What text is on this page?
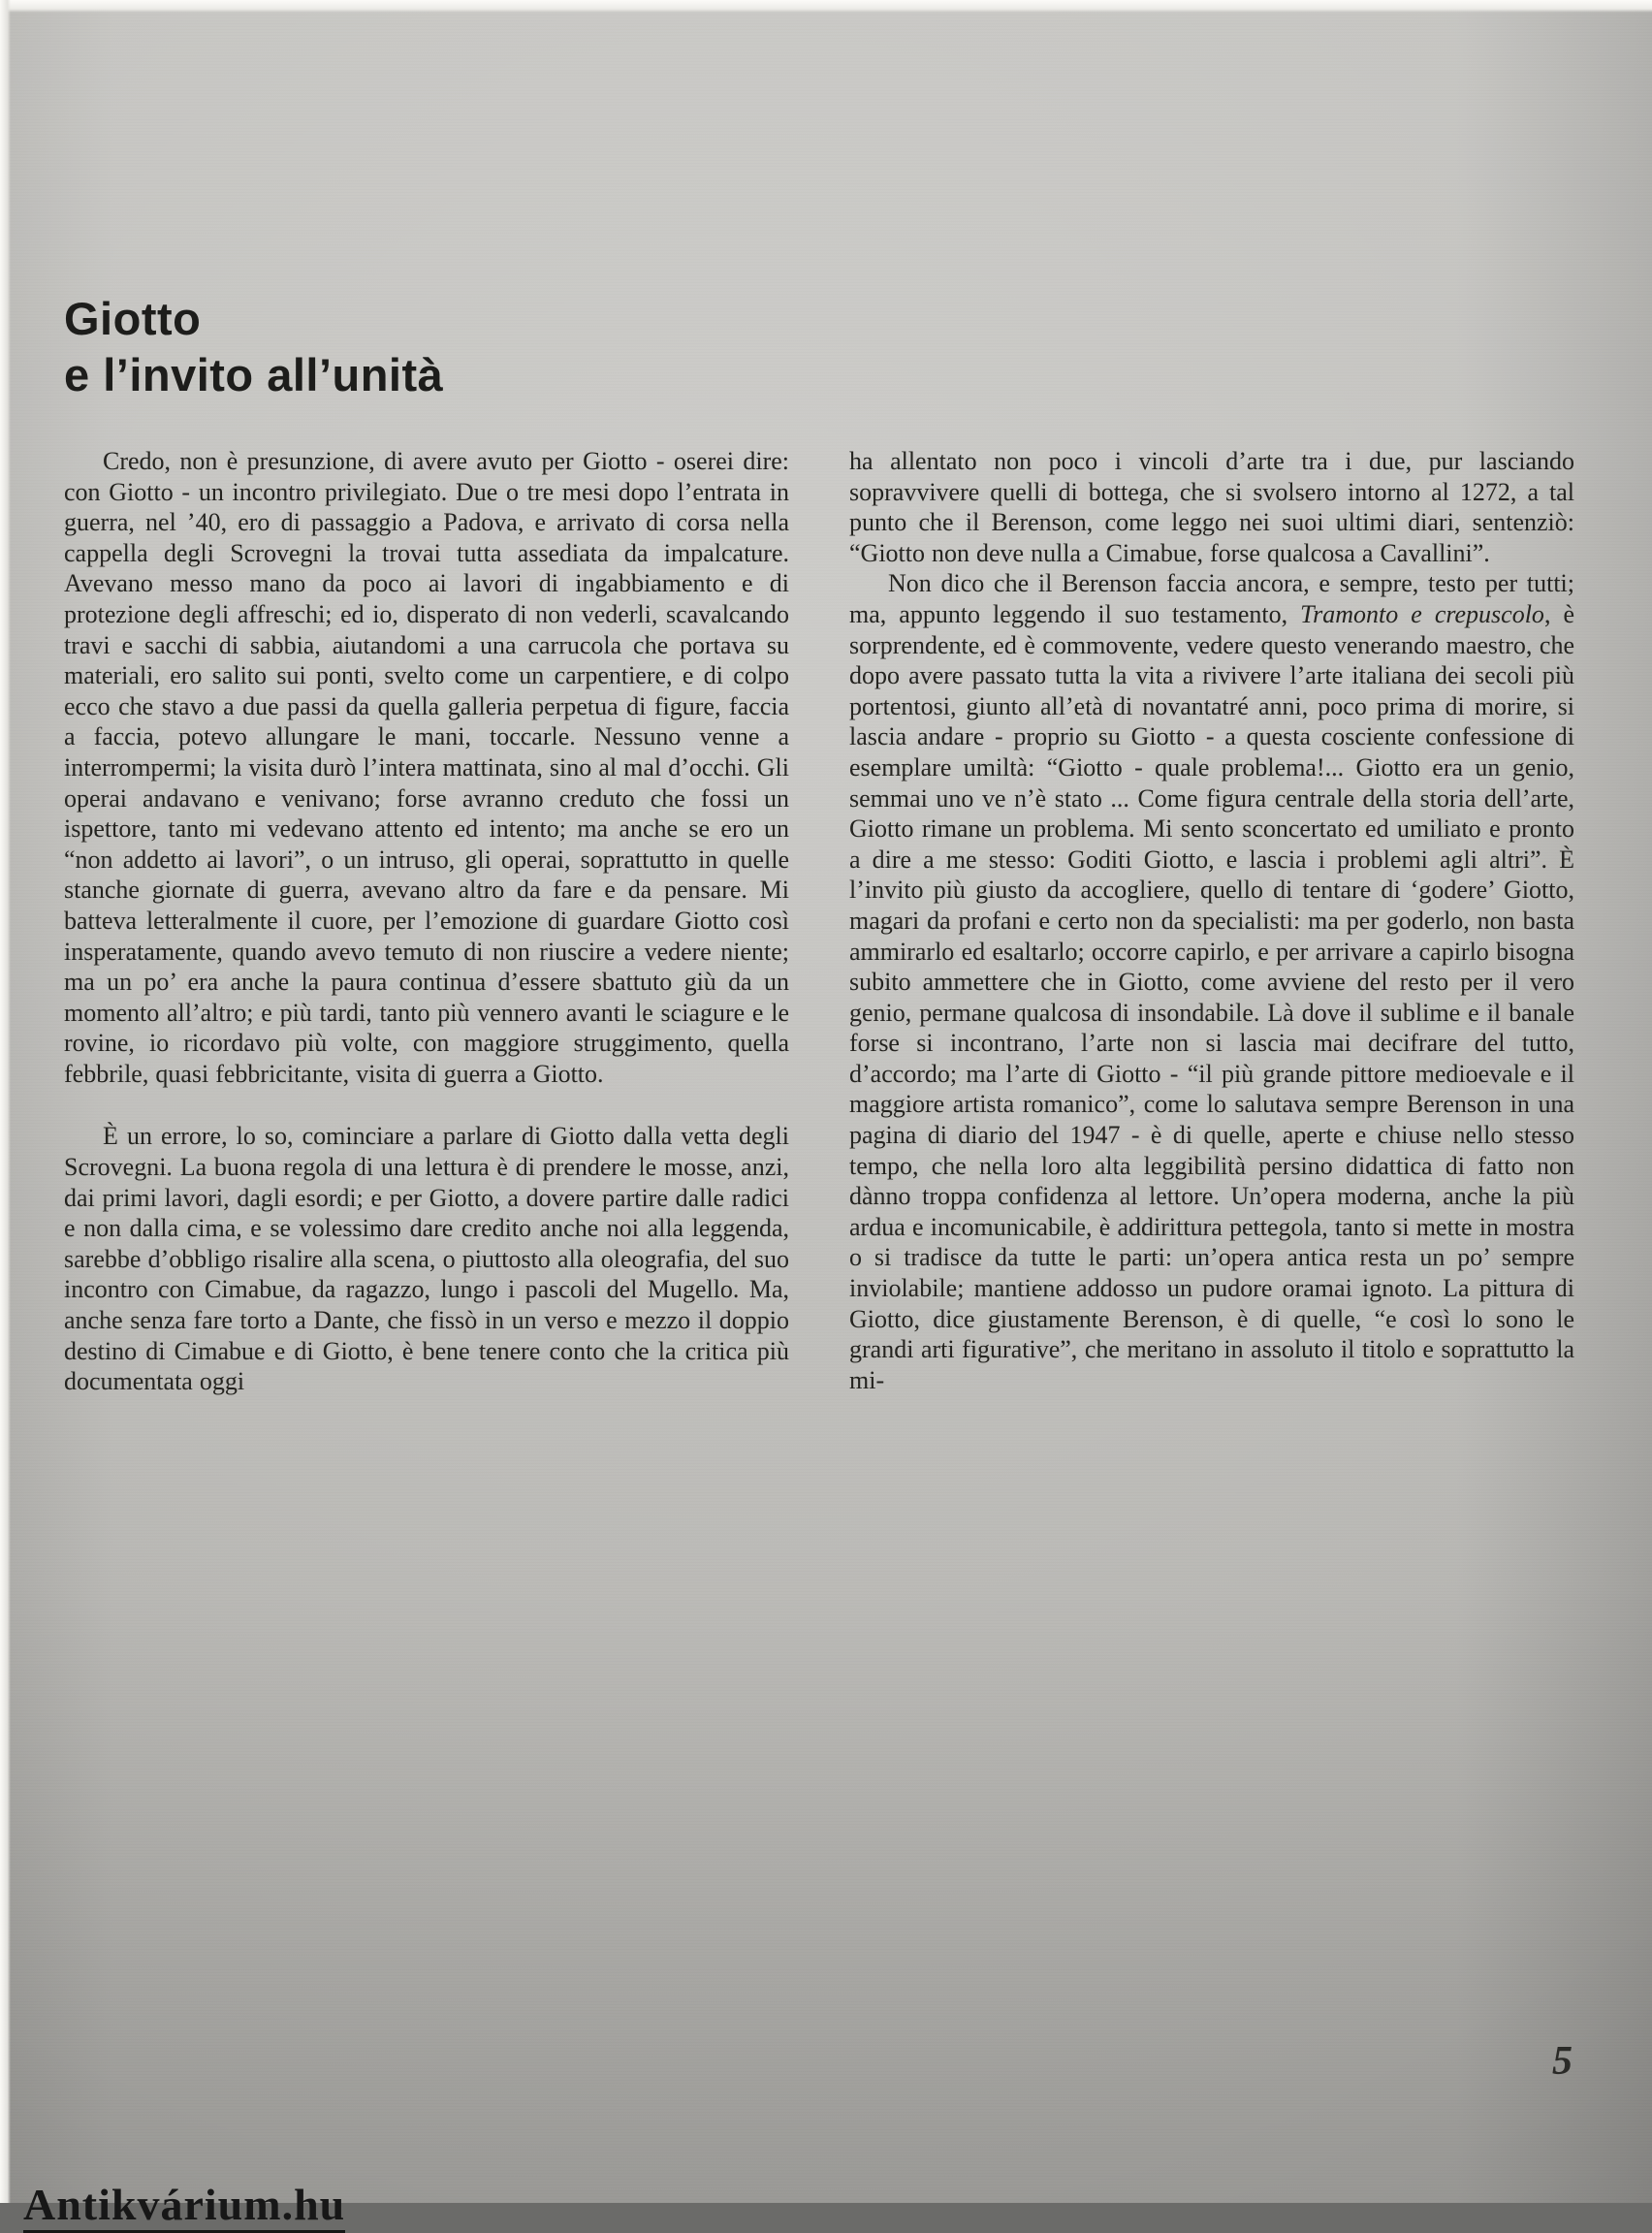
Giotto
e l’invito all’unità

Credo, non è presunzione, di avere avuto per Giotto - oserei dire: con Giotto - un incontro privilegiato. Due o tre mesi dopo l’entrata in guerra, nel ’40, ero di passaggio a Padova, e arrivato di corsa nella cappella degli Scrovegni la trovai tutta assediata da impalcature. Avevano messo mano da poco ai lavori di ingabbiamento e di protezione degli affreschi; ed io, disperato di non vederli, scavalcando travi e sacchi di sabbia, aiutandomi a una carrucola che portava su materiali, ero salito sui ponti, svelto come un carpentiere, e di colpo ecco che stavo a due passi da quella galleria perpetua di figure, faccia a faccia, potevo allungare le mani, toccarle. Nessuno venne a interrompermi; la visita durò l’intera mattinata, sino al mal d’occhi. Gli operai andavano e venivano; forse avranno creduto che fossi un ispettore, tanto mi vedevano attento ed intento; ma anche se ero un “non addetto ai lavori”, o un intruso, gli operai, soprattutto in quelle stanche giornate di guerra, avevano altro da fare e da pensare. Mi batteva letteralmente il cuore, per l’emozione di guardare Giotto così insperatamente, quando avevo temuto di non riuscire a vedere niente; ma un po’ era anche la paura continua d’essere sbattuto giù da un momento all’altro; e più tardi, tanto più vennero avanti le sciagure e le rovine, io ricordavo più volte, con maggiore struggimento, quella febbrile, quasi febbricitante, visita di guerra a Giotto.

È un errore, lo so, cominciare a parlare di Giotto dalla vetta degli Scrovegni. La buona regola di una lettura è di prendere le mosse, anzi, dai primi lavori, dagli esordi; e per Giotto, a dovere partire dalle radici e non dalla cima, e se volessimo dare credito anche noi alla leggenda, sarebbe d’obbligo risalire alla scena, o piuttosto alla oleografia, del suo incontro con Cimabue, da ragazzo, lungo i pascoli del Mugello. Ma, anche senza fare torto a Dante, che fissò in un verso e mezzo il doppio destino di Cimabue e di Giotto, è bene tenere conto che la critica più documentata oggi

ha allentato non poco i vincoli d’arte tra i due, pur lasciando sopravvivere quelli di bottega, che si svolsero intorno al 1272, a tal punto che il Berenson, come leggo nei suoi ultimi diari, sentenziò: “Giotto non deve nulla a Cimabue, forse qualcosa a Cavallini”.

Non dico che il Berenson faccia ancora, e sempre, testo per tutti; ma, appunto leggendo il suo testamento, Tramonto e crepuscolo, è sorprendente, ed è commovente, vedere questo venerando maestro, che dopo avere passato tutta la vita a rivivere l’arte italiana dei secoli più portentosi, giunto all’età di novantatré anni, poco prima di morire, si lascia andare - proprio su Giotto - a questa cosciente confessione di esemplare umiltà: “Giotto - quale problema!... Giotto era un genio, semmai uno ve n’è stato ... Come figura centrale della storia dell’arte, Giotto rimane un problema. Mi sento sconcertato ed umiliato e pronto a dire a me stesso: Goditi Giotto, e lascia i problemi agli altri”. È l’invito più giusto da accogliere, quello di tentare di ‘godere’ Giotto, magari da profani e certo non da specialisti: ma per goderlo, non basta ammirarlo ed esaltarlo; occorre capirlo, e per arrivare a capirlo bisogna subito ammettere che in Giotto, come avviene del resto per il vero genio, permane qualcosa di insondabile. Là dove il sublime e il banale forse si incontrano, l’arte non si lascia mai decifrare del tutto, d’accordo; ma l’arte di Giotto - “il più grande pittore medioevale e il maggiore artista romanico”, come lo salutava sempre Berenson in una pagina di diario del 1947 - è di quelle, aperte e chiuse nello stesso tempo, che nella loro alta leggibilità persino didattica di fatto non dànno troppa confidenza al lettore. Un’opera moderna, anche la più ardua e incomunicabile, è addirittura pettegola, tanto si mette in mostra o si tradisce da tutte le parti: un’opera antica resta un po’ sempre inviolabile; mantiene addosso un pudore oramai ignoto. La pittura di Giotto, dice giustamente Berenson, è di quelle, “e così lo sono le grandi arti figurative”, che meritano in assoluto il titolo e soprattutto la mi-

5
Antikvárium.hu
